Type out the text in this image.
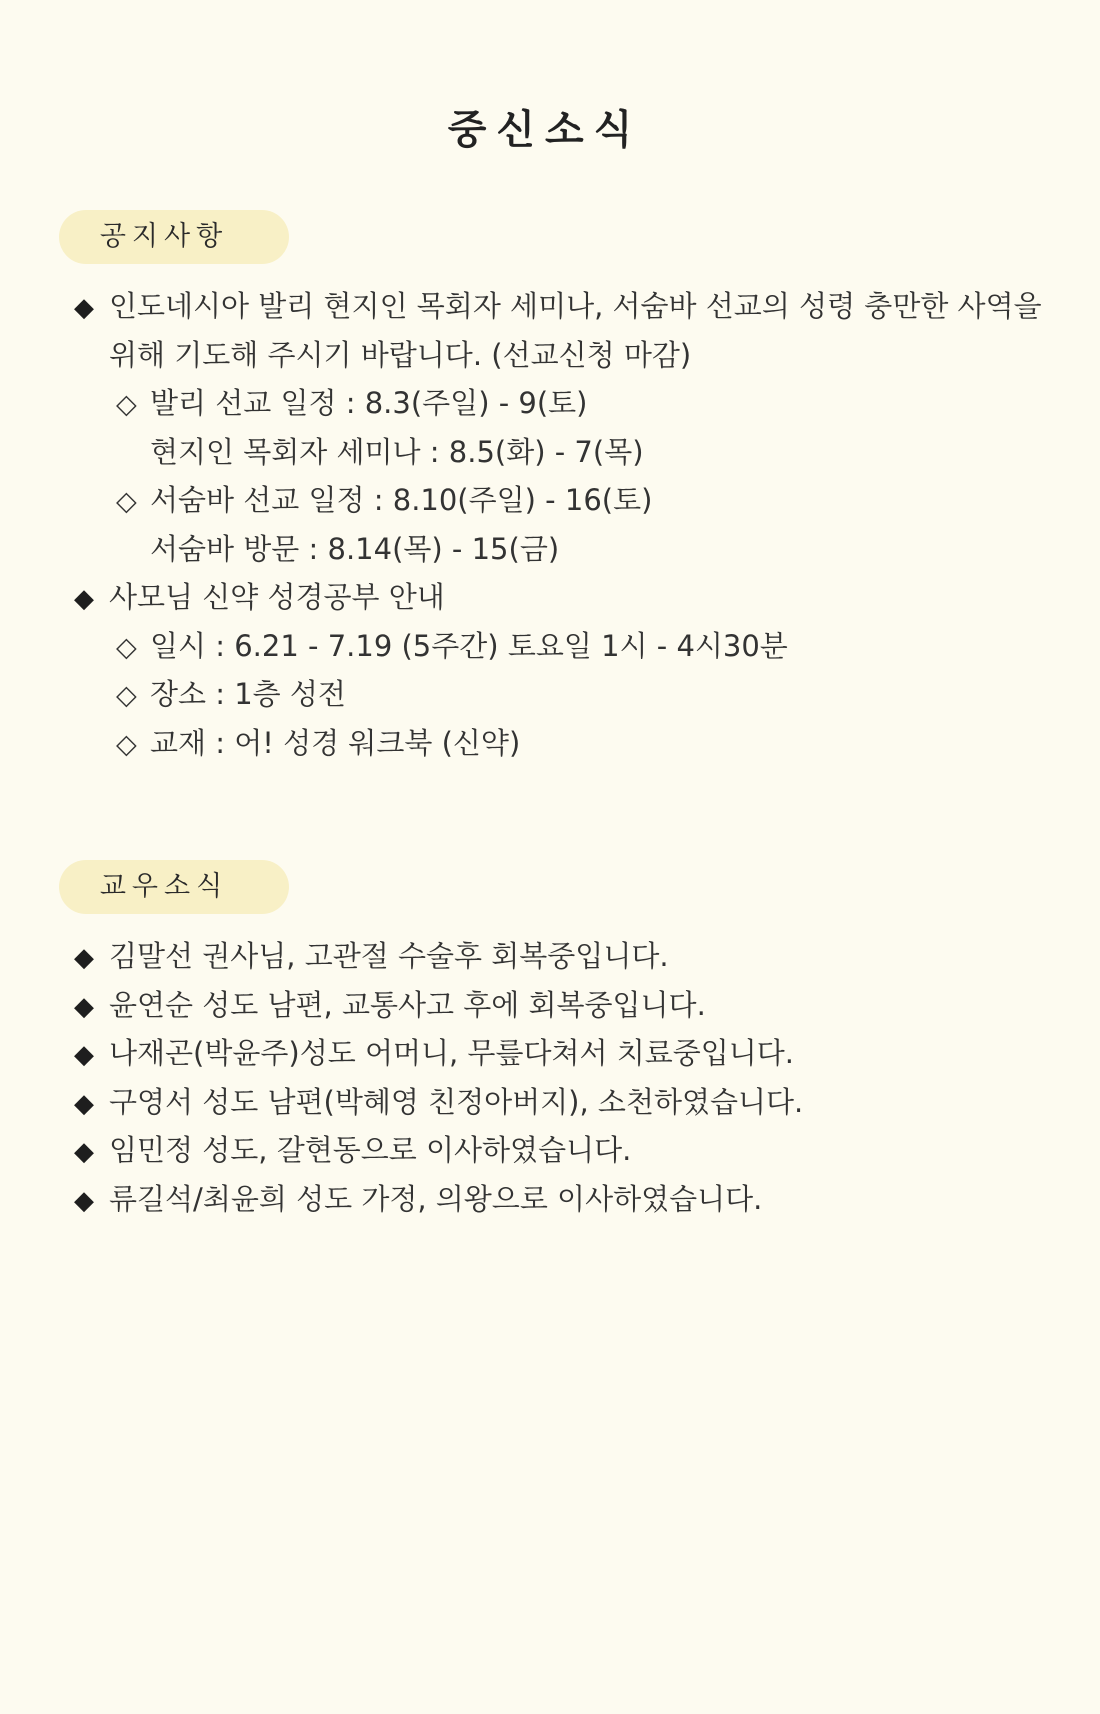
중신소식
공지사항
◆ 인도네시아 발리 현지인 목회자 세미나, 서숨바 선교의 성령 충만한 사역을
위해 기도해 주시기 바랍니다. (선교신청 마감)
◇ 발리 선교 일정 : 8.3(주일) - 9(토)
현지인 목회자 세미나 : 8.5(화) - 7(목)
◇ 서숨바 선교 일정 : 8.10(주일) - 16(토)
서숨바 방문 : 8.14(목) - 15(금)
◆ 사모님 신약 성경공부 안내
◇ 일시 : 6.21 - 7.19 (5주간) 토요일 1시 - 4시30분
◇ 장소 : 1층 성전
◇ 교재 : 어! 성경 워크북 (신약)
교우소식
◆ 김말선 권사님, 고관절 수술후 회복중입니다.
◆ 윤연순 성도 남편, 교통사고 후에 회복중입니다.
◆ 나재곤(박윤주)성도 어머니, 무릎다쳐서 치료중입니다.
◆ 구영서 성도 남편(박혜영 친정아버지), 소천하였습니다.
◆ 임민정 성도, 갈현동으로 이사하였습니다.
◆ 류길석/최윤희 성도 가정, 의왕으로 이사하였습니다.
